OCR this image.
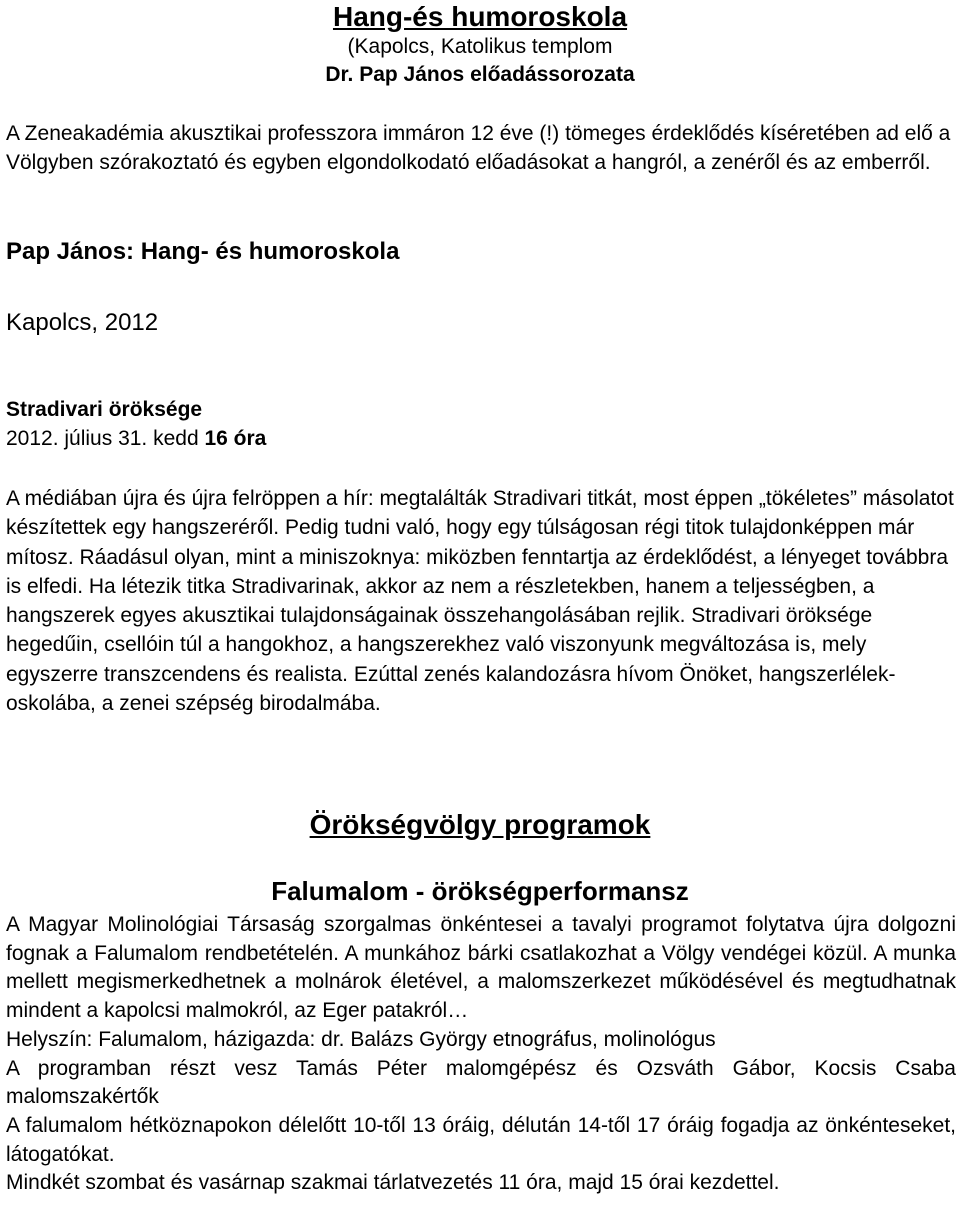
Hang-és humoroskola
(Kapolcs, Katolikus templom
Dr. Pap János előadássorozata

A Zeneakadémia akusztikai professzora immáron 12 éve (!) tömeges érdeklődés kíséretében ad elő a Völgyben szórakoztató és egyben elgondolkodató előadásokat a hangról, a zenéről és az emberről.

Pap János: Hang- és humoroskola
Kapolcs, 2012
Stradivari öröksége
2012. július 31. kedd 16 óra

A médiában újra és újra felröppen a hír: megtalálták Stradivari titkát, most éppen „tökéletes” másolatot készítettek egy hangszeréről. Pedig tudni való, hogy egy túlságosan régi titok tulajdonképpen már mítosz. Ráadásul olyan, mint a miniszoknya: miközben fenntartja az érdeklődést, a lényeget továbbra is elfedi. Ha létezik titka Stradivarinak, akkor az nem a részletekben, hanem a teljességben, a hangszerek egyes akusztikai tulajdonságainak összehangolásában rejlik. Stradivari öröksége hegedűin, csellóin túl a hangokhoz, a hangszerekhez való viszonyunk megváltozása is, mely egyszerre transzcendens és realista. Ezúttal zenés kalandozásra hívom Önöket, hangszerlélek-oskolába, a zenei szépség birodalmába.

Örökségvölgy programok
Falumalom - örökségperformansz

A Magyar Molinológiai Társaság szorgalmas önkéntesei a tavalyi programot folytatva újra dolgozni fognak a Falumalom rendbetételén. A munkához bárki csatlakozhat a Völgy vendégei közül. A munka mellett megismerkedhetnek a molnárok életével, a malomszerkezet működésével és megtudhatnak mindent a kapolcsi malmokról, az Eger patakról…

Helyszín: Falumalom, házigazda: dr. Balázs György etnográfus, molinológus

A programban részt vesz Tamás Péter malomgépész és Ozsváth Gábor, Kocsis Csaba malomszakértők

A falumalom hétköznapokon délelőtt 10-től 13 óráig, délután 14-től 17 óráig fogadja az önkénteseket, látogatókat.

Mindkét szombat és vasárnap szakmai tárlatvezetés 11 óra, majd 15 órai kezdettel.
